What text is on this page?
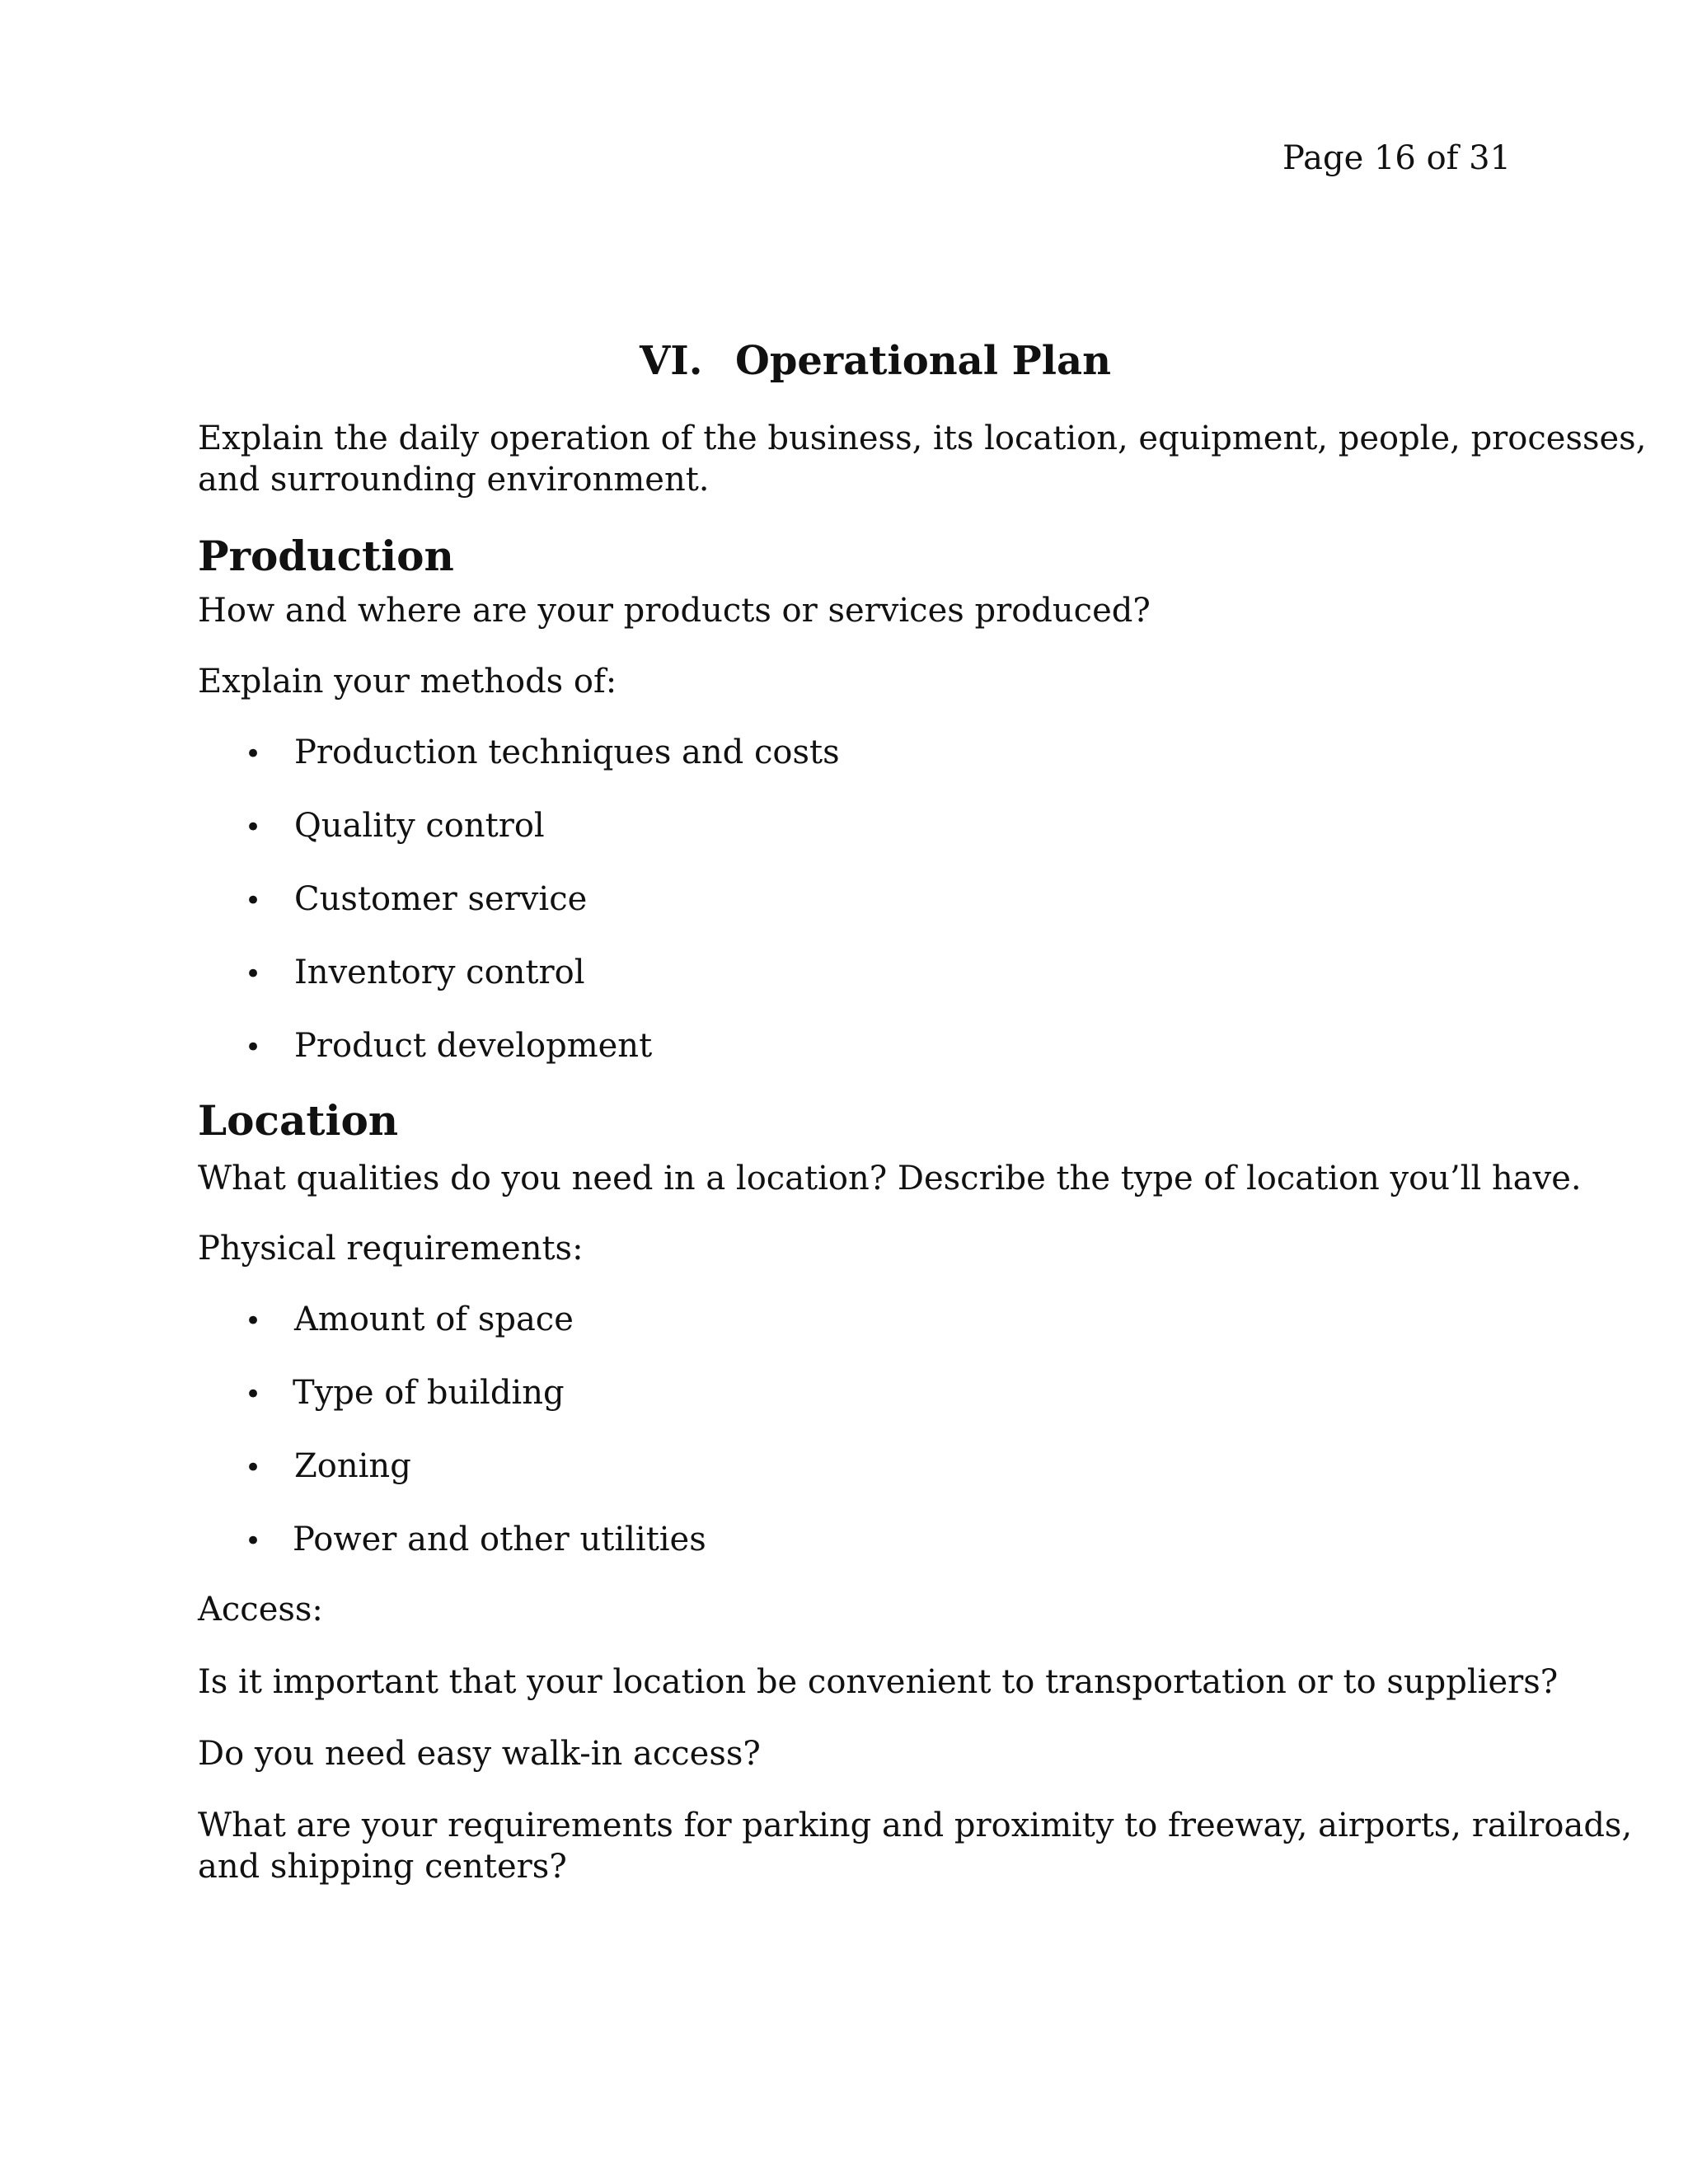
Page 16 of 31
VI. Operational Plan
Explain the daily operation of the business, its location, equipment, people, processes,
and surrounding environment.
Production
How and where are your products or services produced?
Explain your methods of:
• Production techniques and costs
• Quality control
• Customer service
• Inventory control
• Product development
Location
What qualities do you need in a location? Describe the type of location you’ll have.
Physical requirements:
• Amount of space
• Type of building
• Zoning
• Power and other utilities
Access:
Is it important that your location be convenient to transportation or to suppliers?
Do you need easy walk-in access?
What are your requirements for parking and proximity to freeway, airports, railroads,
and shipping centers?
